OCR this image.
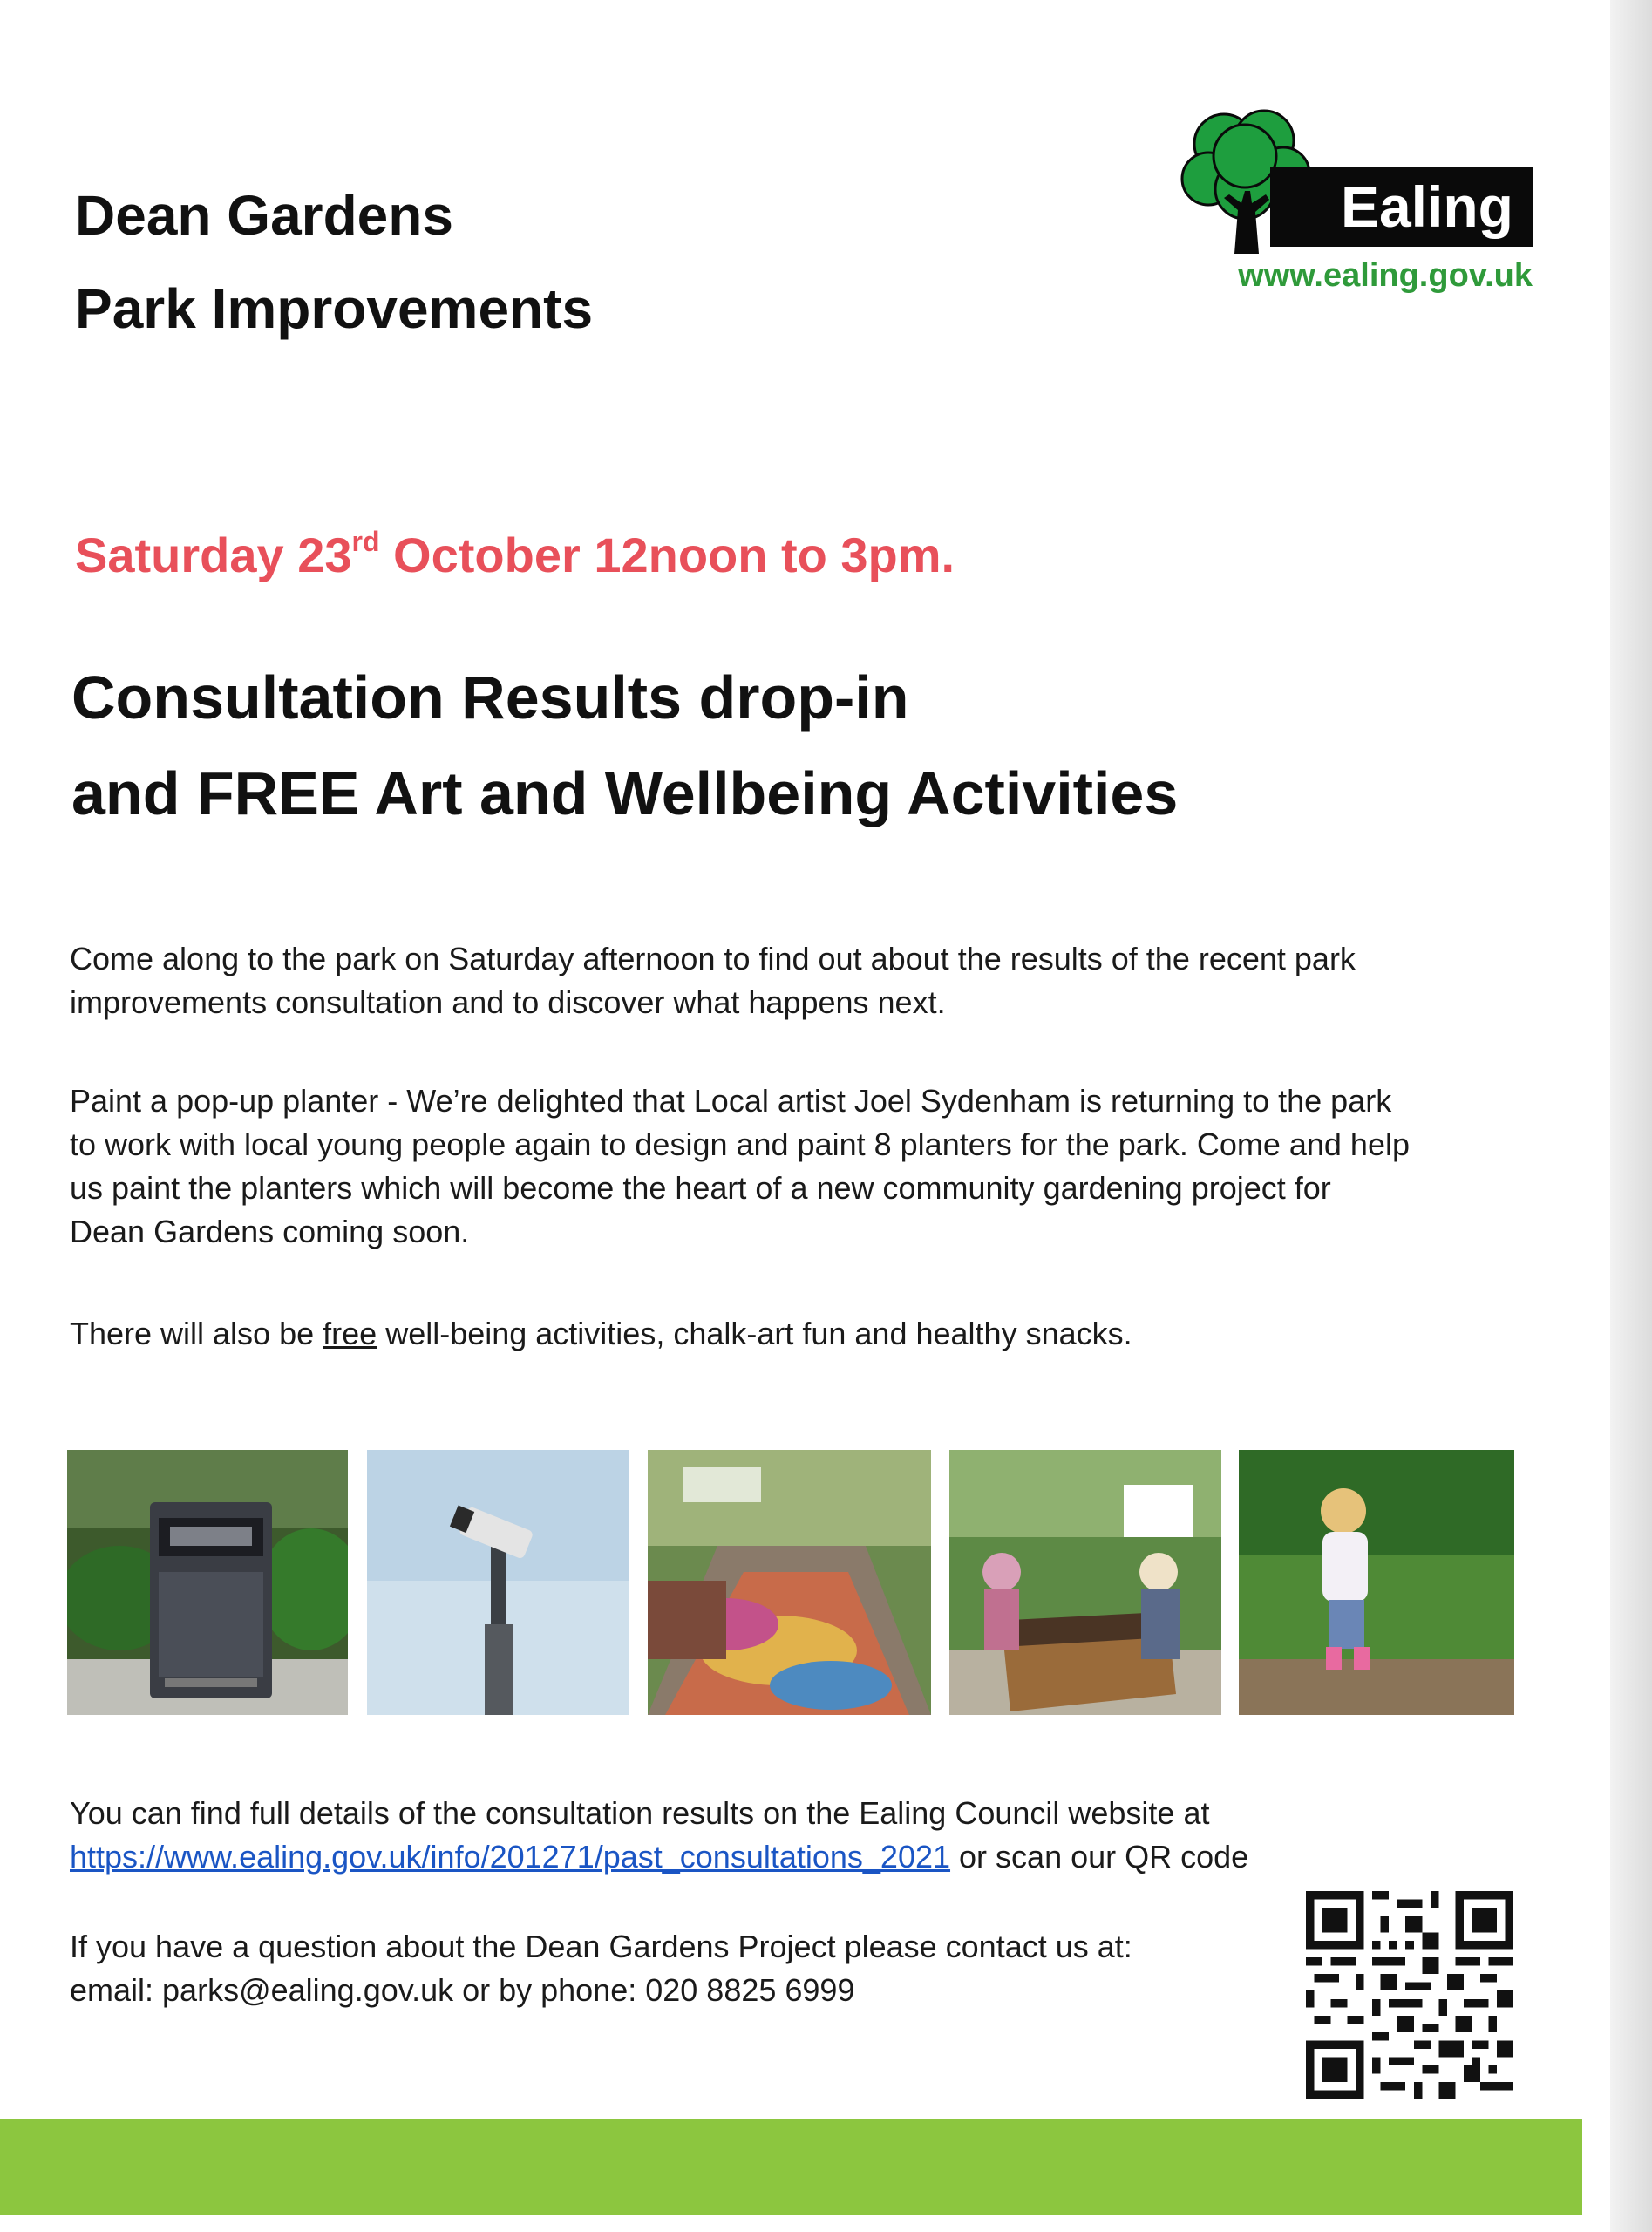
Dean Gardens
Park Improvements
Ealing
www.ealing.gov.uk
Saturday 23rd October 12noon to 3pm.
Consultation Results drop-in
and FREE Art and Wellbeing Activities
Come along to the park on Saturday afternoon to find out about the results of the recent park
improvements consultation and to discover what happens next.
Paint a pop-up planter - We’re delighted that Local artist Joel Sydenham is returning to the park
to work with local young people again to design and paint 8 planters for the park. Come and help
us paint the planters which will become the heart of a new community gardening project for
Dean Gardens coming soon.
There will also be free well-being activities, chalk-art fun and healthy snacks.
You can find full details of the consultation results on the Ealing Council website at
https://www.ealing.gov.uk/info/201271/past_consultations_2021 or scan our QR code
If you have a question about the Dean Gardens Project please contact us at:
email: parks@ealing.gov.uk or by phone: 020 8825 6999
